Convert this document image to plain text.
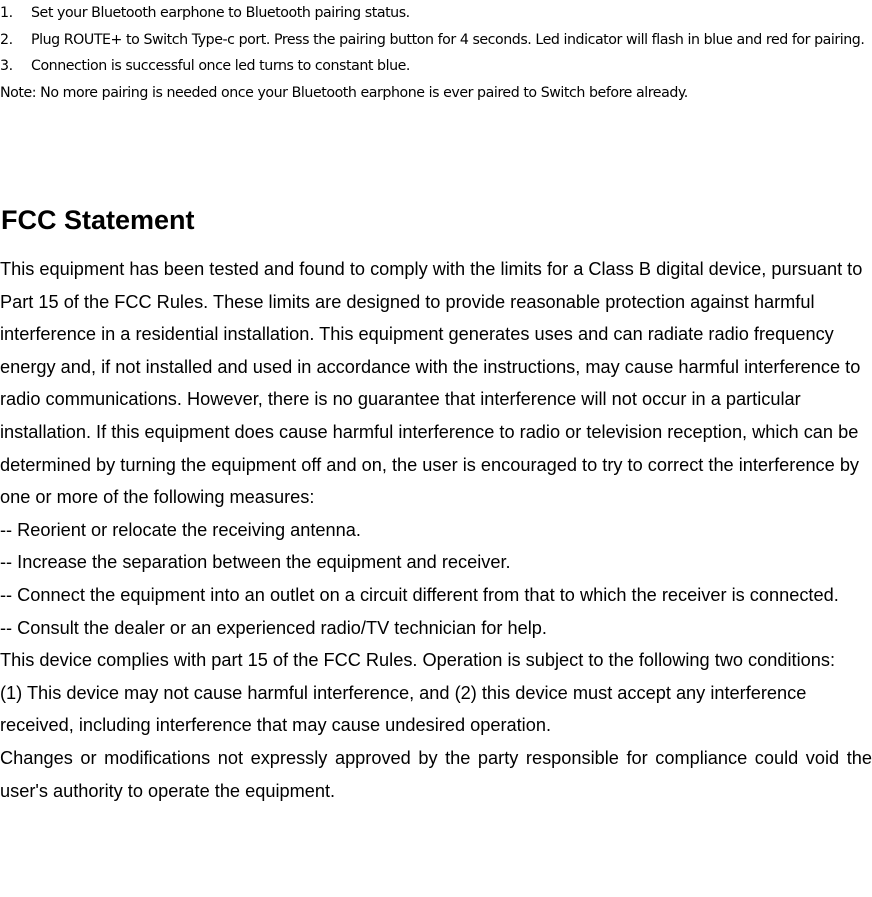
1. Set your Bluetooth earphone to Bluetooth pairing status.

2. Plug ROUTE+ to Switch Type-c port. Press the pairing button for 4 seconds. Led indicator will flash in blue and red for pairing.

3. Connection is successful once led turns to constant blue.

Note: No more pairing is needed once your Bluetooth earphone is ever paired to Switch before already.

FCC Statement

This equipment has been tested and found to comply with the limits for a Class B digital device, pursuant to Part 15 of the FCC Rules. These limits are designed to provide reasonable protection against harmful interference in a residential installation. This equipment generates uses and can radiate radio frequency energy and, if not installed and used in accordance with the instructions, may cause harmful interference to radio communications. However, there is no guarantee that interference will not occur in a particular installation. If this equipment does cause harmful interference to radio or television reception, which can be determined by turning the equipment off and on, the user is encouraged to try to correct the interference by one or more of the following measures:

-- Reorient or relocate the receiving antenna.

-- Increase the separation between the equipment and receiver.

-- Connect the equipment into an outlet on a circuit different from that to which the receiver is connected.

-- Consult the dealer or an experienced radio/TV technician for help.

This device complies with part 15 of the FCC Rules. Operation is subject to the following two conditions:

(1) This device may not cause harmful interference, and (2) this device must accept any interference received, including interference that may cause undesired operation.

Changes or modifications not expressly approved by the party responsible for compliance could void the user's authority to operate the equipment.
